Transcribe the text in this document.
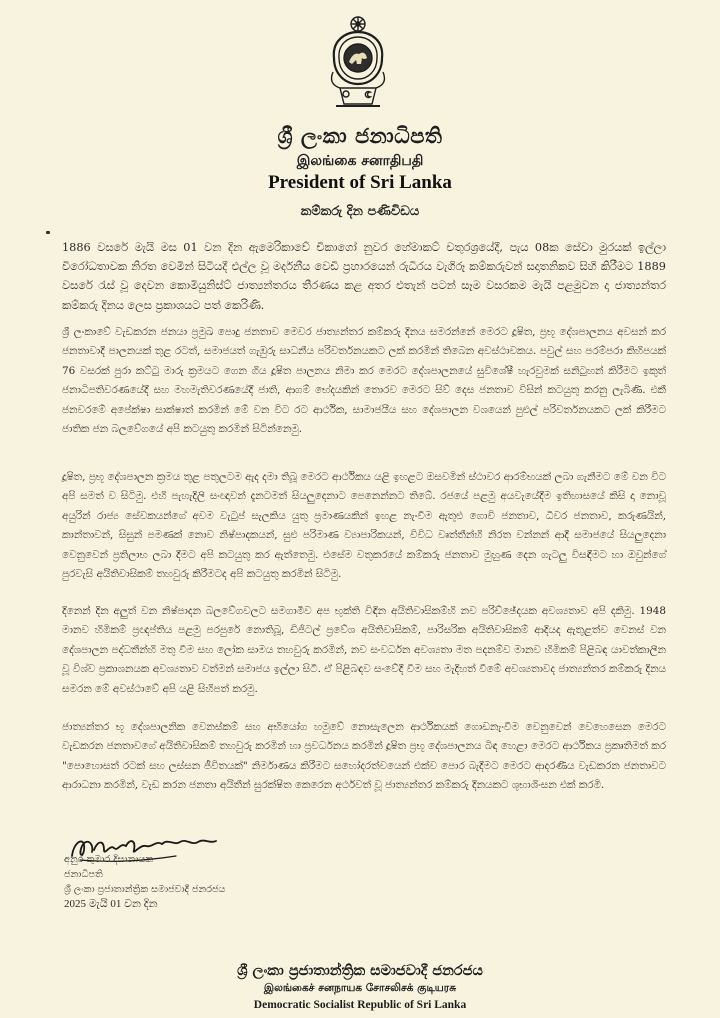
ශ්‍රී ලංකා ජනාධිපති
இலங்கை சனாதிபதி
President of Sri Lanka
කම්කරු දින පණිවිඩය
1886 වසරේ මැයි මස 01 වන දින ඇමෙරිකාවේ චිකාගෝ නුවර හේමාකට් චතුරශ්‍රයේදී, පැය 08ක සේවා මුරයක් ඉල්ලා විරෝධතාවක නිරත වෙමින් සිටියදී එල්ල වූ මර්දනීය වෙඩි ප්‍රහාරයෙන් රුධිරය වැගිරූ කම්කරුවන් සදාතනිකව සිහි කිරීමට 1889 වසරේ රැස් වූ දෙවන කොමියුනිස්ට් ජාත්‍යන්තරය තීරණය කළ අතර එතැන් පටන් සෑම වසරකම මැයි පළමුවන දා ජාත්‍යන්තර කම්කරු දිනය ලෙස ප්‍රකාශයට පත් කෙරිණි.
ශ්‍රී ලංකාවේ වැඩකරන ජනයා ප්‍රමුඛ පොදු ජනතාව මෙවර ජාත්‍යන්තර කම්කරු දිනය සමරන්නේ මෙරට දූෂිත, ප්‍රභූ දේශපාලනය අවසන් කර ජනතාවාදී පාලනයක් තුළ රටත්, සමාජයත් ගැඹුරු සාධනීය පරිවර්තනයකට ලක් කරමින් තිබෙන අවස්ථාවකය. පවුල් සහ පරම්පරා කිහිපයක් 76 වසරක් පුරා කට්ටු මාරු ක්‍රමයට ගෙන ගිය දූෂිත පාලනය නිමා කර මෙරට දේශපාලනයේ සුවිශේෂී හැරවුමක් සනිටුහන් කිරීමට ඉකුත් ජනාධිපතිවරණයේදී සහ මහමැතිවරණයේදී ජාති, ආගම් භේදයකින් තොරව මෙරට සිව් දෙස ජනතාව විසින් කටයුතු කරනු ලැබිණි. එකී ජනවරමේ අපේක්ෂා සාක්ෂාත් කරමින් මේ වන විට රට ආර්ථික, සාමාජයීය සහ දේශපාලන වශයෙන් පුළුල් පරිවර්තනයකට ලක් කිරීමට ජාතික ජන බලවේගයේ අපි කටයුතු කරමින් සිටින්නෙමු.
දූෂිත, ප්‍රභූ දේශපාලන ක්‍රමය තුළ පතුලටම ඇද දමා තිබූ මෙරට ආර්ථිකය යළි ඉහළට ඔසවමින් ස්ථාවර ආරම්භයක් ලබා ගැනීමට මේ වන විට අපි සමත් ව සිටිමු. එහි පැහැදිලි සංඥාවන් දැනටමත් සියලුදෙනාට පෙනෙන්නට තිබේ. රජයේ පළමු අයවැයේදීම ඉතිහාසයේ කිසි දා නොවූ අයුරින් රාජ්‍ය සේවකයන්ගේ අවම වැටුප් සැලකිය යුතු ප්‍රමාණයකින් ඉහළ නැංවීම ඇතුළු ගොවි ජනතාව, ධීවර ජනතාව, කරුණයින්, කාන්තාවන්, සිසුන් පමණක් නොව නිෂ්පාදකයන්, සුළු පරිමාණ ව්‍යාපාරිකයන්, විවිධ වෘත්තීන්හි නිරත වන්නන් ආදී සමාජයේ සියලුදෙනා වෙනුවෙන් ප්‍රතිලාභ ලබා දීමට අපි කටයුතු කර ඇත්තෙමු. එසේම වතුකරයේ කම්කරු ජනතාව මුහුණ දෙන ගැටලු විසඳීමට හා ඔවුන්ගේ පුරවැසි අයිතිවාසිකම් තහවුරු කිරීමටද අපි කටයුතු කරමින් සිටිමු.
දිනෙන් දින අලුත් වන නිෂ්පාදන බලවේගවලට සමගාමීව අප භුක්ති විඳින අයිතිවාසිකම්හි නව පරිච්ඡේදයක අවශ්‍යතාව අපි දකිමු. 1948 මානව හිමිකම් ප්‍රඥප්තිය පළමු පරපුරේ නොතිබූ, ඩිජිටල් ප්‍රවේශ අයිතිවාසිකම්, පාරිසරික අයිතිවාසිකම් ආදියද ඇතුළත්ව වෙනස් වන දේශපාලන පද්ධතීන්හි මතු වීම සහ ලෝක සාමය තහවුරු කරමින්, නව සංවර්ධන අවශ්‍යතා මත පදනම්ව මානව හිමිකම් පිළිබඳ යාවත්කාලීන වූ විශ්ව ප්‍රකාශනයක අවශ්‍යතාව වත්මන් සමාජය ඉල්ලා සිටී. ඒ පිළිබඳව සංවේදී වීම සහ මැදිහත් වීමේ අවශ්‍යතාවද ජාත්‍යන්තර කම්කරු දිනය සමරන මේ අවස්ථාවේ අපි යළි සිහිපත් කරමු.
ජාත්‍යන්තර භූ දේශපාලනික වෙනස්කම් සහ අභියෝග හමුවේ නොසැලෙන ආර්ථිකයක් ගොඩනැංවීම වෙනුවෙන් වෙහෙසෙන මෙරට වැඩකරන ජනතාවගේ අයිතිවාසිකම් තහවුරු කරමින් හා ප්‍රවර්ධනය කරමින් දූෂිත ප්‍රභූ දේශපාලනය බිඳ හෙළා මෙරට ආර්ථිකය ප්‍රකෘතිමත් කර "පොහොසත් රටක් සහ ලස්සන ජීවිතයක්" නිර්මාණය කිරීමට සහෝදරත්වයෙන් එක්ව පොර බැදීමට මෙරට ආදරණීය වැඩකරන ජනතාවට ආරාධනා කරමින්, වැඩ කරන ජනතා අයිතීන් සුරක්ෂිත කෙරෙන අර්ථවත් වූ ජාත්‍යන්තර කම්කරු දිනයකට ශුභාශිංසන එක් කරමි.
අනුර කුමාර දිසානායක
ජනාධිපති
ශ්‍රී ලංකා ප්‍රජාතාන්ත්‍රික සමාජවාදී ජනරජය
2025 මැයි 01 වන දින
ශ්‍රී ලංකා ප්‍රජාතාන්ත්‍රික සමාජවාදී ජනරජය
இலங்கைச் சனநாயக சோசலிசக் குடியரசு
Democratic Socialist Republic of Sri Lanka
